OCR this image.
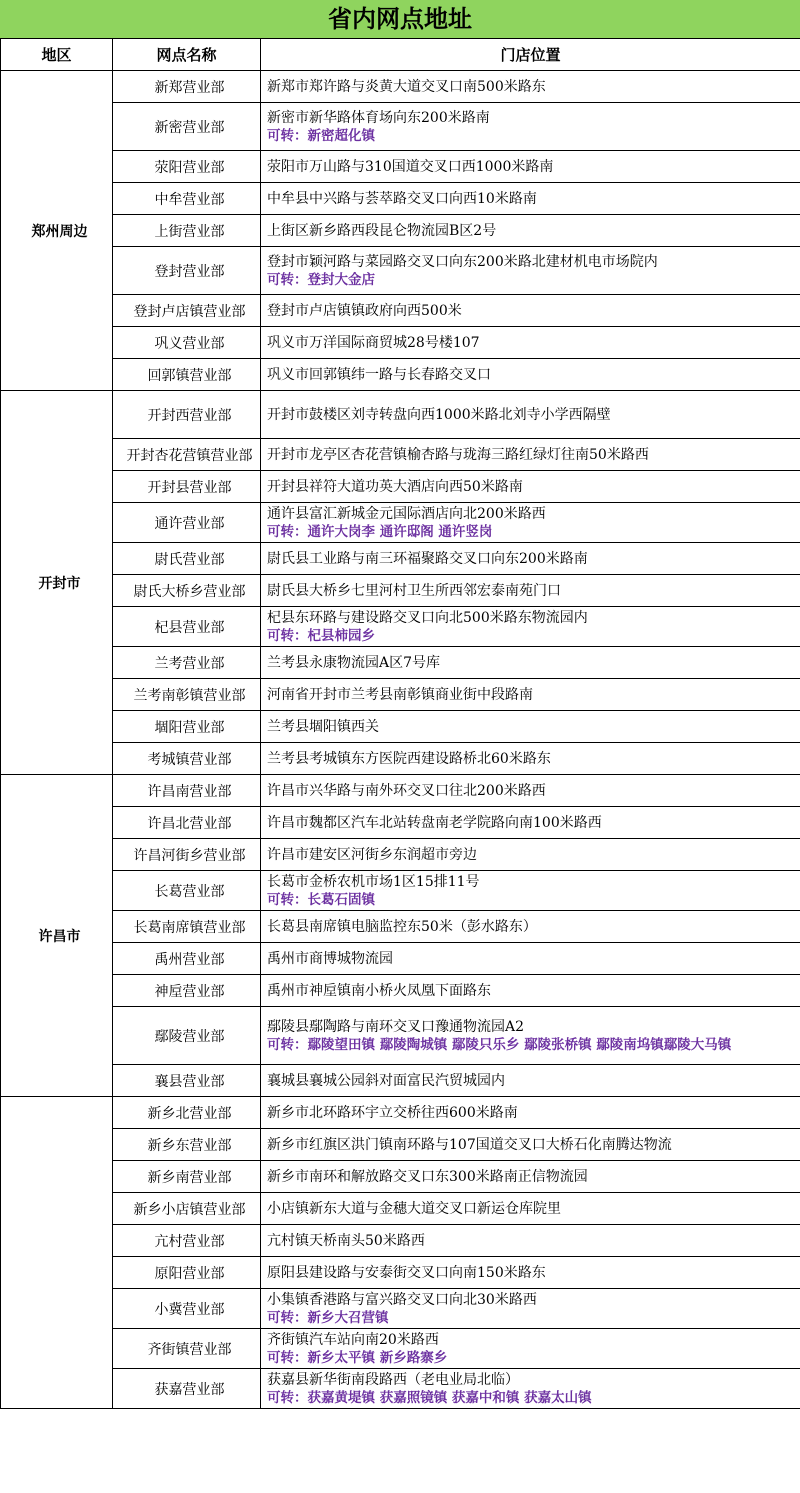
省内网点地址
地区	网点名称	门店位置
郑州周边	新郑营业部	新郑市郑许路与炎黄大道交叉口南500米路东

	新密营业部	新密市新华路体育场向东200米路南
可转：新密超化镇

	荥阳营业部	荥阳市万山路与310国道交叉口西1000米路南

	中牟营业部	中牟县中兴路与荟萃路交叉口向西10米路南

	上街营业部	上街区新乡路西段昆仑物流园B区2号

	登封营业部	登封市颖河路与菜园路交叉口向东200米路北建材机电市场院内
可转：登封大金店

	登封卢店镇营业部	登封市卢店镇镇政府向西500米

	巩义营业部	巩义市万洋国际商贸城28号楼107

	回郭镇营业部	巩义市回郭镇纬一路与长春路交叉口

开封市	开封西营业部	开封市鼓楼区刘寺转盘向西1000米路北刘寺小学西隔壁

	开封杏花营镇营业部	开封市龙亭区杏花营镇榆杏路与珑海三路红绿灯往南50米路西

	开封县营业部	开封县祥符大道功英大酒店向西50米路南

	通许营业部	通许县富汇新城金元国际酒店向北200米路西
可转：通许大岗李 通许邸阁 通许竖岗

	尉氏营业部	尉氏县工业路与南三环福聚路交叉口向东200米路南

	尉氏大桥乡营业部	尉氏县大桥乡七里河村卫生所西邻宏泰南苑门口

	杞县营业部	杞县东环路与建设路交叉口向北500米路东物流园内
可转：杞县柿园乡

	兰考营业部	兰考县永康物流园A区7号库

	兰考南彰镇营业部	河南省开封市兰考县南彰镇商业街中段路南

	堌阳营业部	兰考县堌阳镇西关

	考城镇营业部	兰考县考城镇东方医院西建设路桥北60米路东

许昌市	许昌南营业部	许昌市兴华路与南外环交叉口往北200米路西

	许昌北营业部	许昌市魏都区汽车北站转盘南老学院路向南100米路西

	许昌河街乡营业部	许昌市建安区河街乡东润超市旁边

	长葛营业部	长葛市金桥农机市场1区15排11号
可转：长葛石固镇

	长葛南席镇营业部	长葛县南席镇电脑监控东50米（彭水路东）

	禹州营业部	禹州市商博城物流园

	神垕营业部	禹州市神垕镇南小桥火凤凰下面路东

	鄢陵营业部	鄢陵县鄢陶路与南环交叉口豫通物流园A2
可转：鄢陵望田镇 鄢陵陶城镇 鄢陵只乐乡 鄢陵张桥镇 鄢陵南坞镇鄢陵大马镇
	襄县营业部	襄城县襄城公园斜对面富民汽贸城园内

	新乡北营业部	新乡市北环路环宇立交桥往西600米路南

	新乡东营业部	新乡市红旗区洪门镇南环路与107国道交叉口大桥石化南腾达物流

	新乡南营业部	新乡市南环和解放路交叉口东300米路南正信物流园

	新乡小店镇营业部	小店镇新东大道与金穗大道交叉口新运仓库院里

	亢村营业部	亢村镇天桥南头50米路西

	原阳营业部	原阳县建设路与安泰街交叉口向南150米路东

	小冀营业部	小集镇香港路与富兴路交叉口向北30米路西
可转：新乡大召营镇

	齐街镇营业部	齐街镇汽车站向南20米路西
可转：新乡太平镇 新乡路寨乡

	获嘉营业部	获嘉县新华街南段路西（老电业局北临）
可转：获嘉黄堤镇 获嘉照镜镇 获嘉中和镇 获嘉太山镇
